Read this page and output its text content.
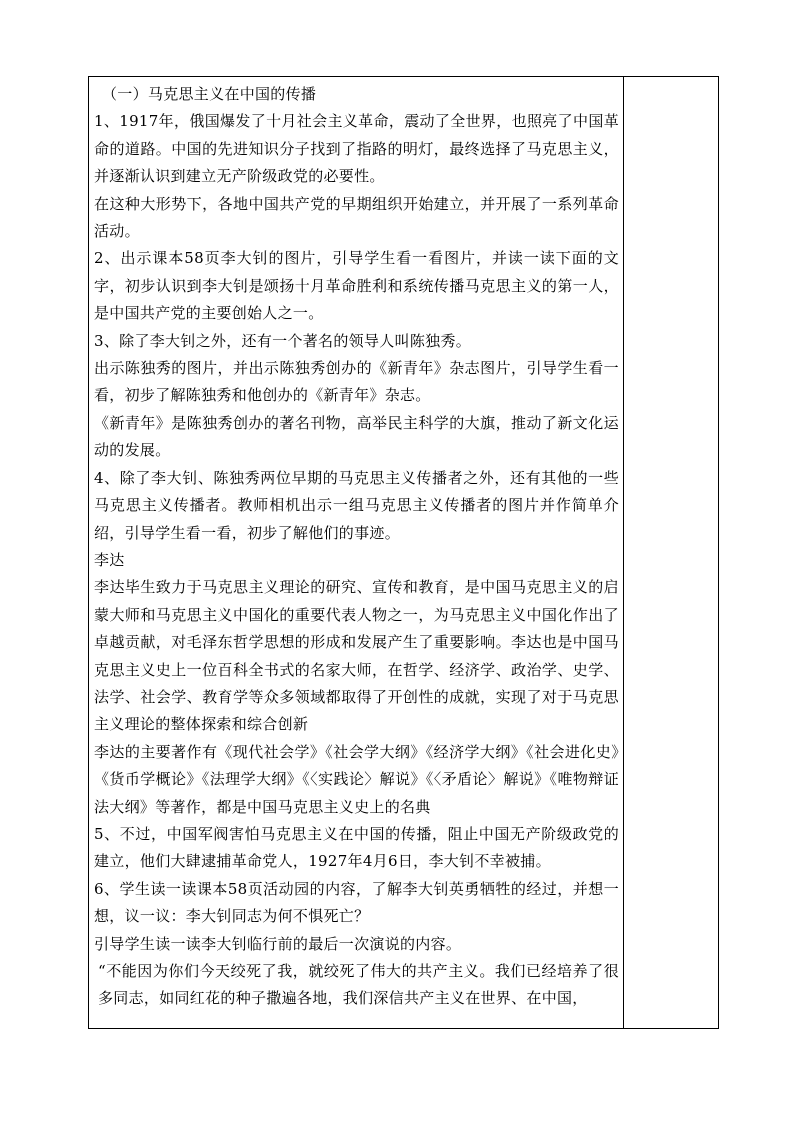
（一）马克思主义在中国的传播

1、1917年，俄国爆发了十月社会主义革命，震动了全世界，也照亮了中国革命的道路。中国的先进知识分子找到了指路的明灯，最终选择了马克思主义，并逐渐认识到建立无产阶级政党的必要性。

在这种大形势下，各地中国共产党的早期组织开始建立，并开展了一系列革命活动。

2、出示课本58页李大钊的图片，引导学生看一看图片，并读一读下面的文字，初步认识到李大钊是颂扬十月革命胜利和系统传播马克思主义的第一人，是中国共产党的主要创始人之一。

3、除了李大钊之外，还有一个著名的领导人叫陈独秀。

出示陈独秀的图片，并出示陈独秀创办的《新青年》杂志图片，引导学生看一看，初步了解陈独秀和他创办的《新青年》杂志。

《新青年》是陈独秀创办的著名刊物，高举民主科学的大旗，推动了新文化运动的发展。

4、除了李大钊、陈独秀两位早期的马克思主义传播者之外，还有其他的一些马克思主义传播者。教师相机出示一组马克思主义传播者的图片并作简单介绍，引导学生看一看，初步了解他们的事迹。

李达

李达毕生致力于马克思主义理论的研究、宣传和教育，是中国马克思主义的启蒙大师和马克思主义中国化的重要代表人物之一，为马克思主义中国化作出了卓越贡献，对毛泽东哲学思想的形成和发展产生了重要影响。李达也是中国马克思主义史上一位百科全书式的名家大师，在哲学、经济学、政治学、史学、法学、社会学、教育学等众多领域都取得了开创性的成就，实现了对于马克思主义理论的整体探索和综合创新

李达的主要著作有《现代社会学》《社会学大纲》《经济学大纲》《社会进化史》《货币学概论》《法理学大纲》《〈实践论〉解说》《〈矛盾论〉解说》《唯物辩证法大纲》等著作，都是中国马克思主义史上的名典

5、不过，中国军阀害怕马克思主义在中国的传播，阻止中国无产阶级政党的建立，他们大肆逮捕革命党人，1927年4月6日，李大钊不幸被捕。

6、学生读一读课本58页活动园的内容，了解李大钊英勇牺牲的经过，并想一想，议一议：李大钊同志为何不惧死亡？

引导学生读一读李大钊临行前的最后一次演说的内容。

“不能因为你们今天绞死了我，就绞死了伟大的共产主义。我们已经培养了很多同志，如同红花的种子撒遍各地，我们深信共产主义在世界、在中国，
